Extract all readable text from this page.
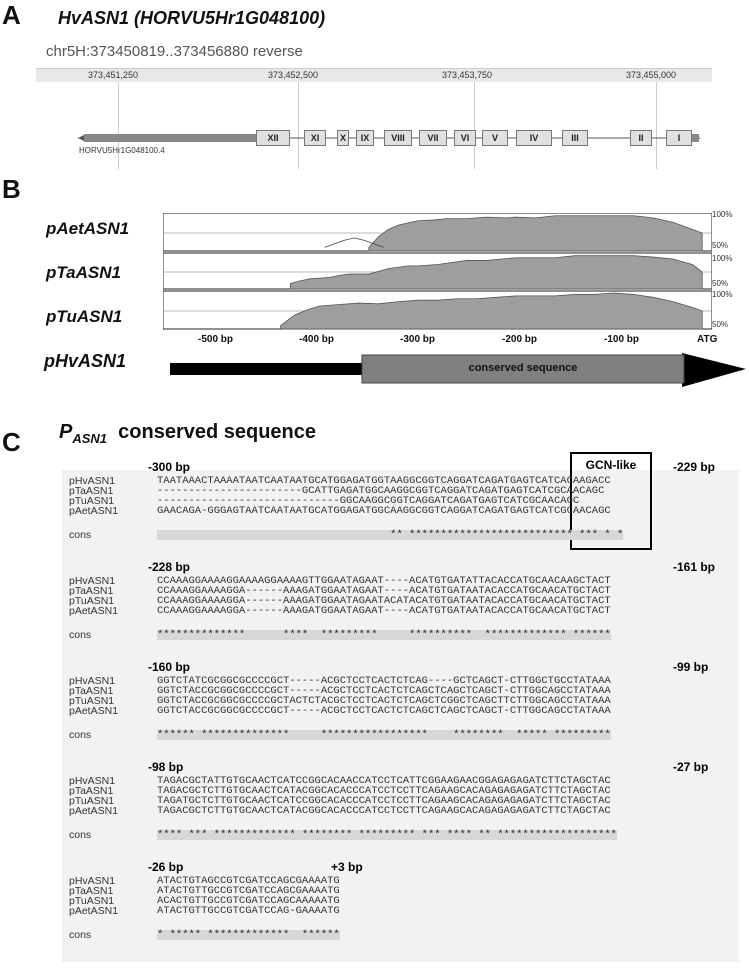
A HvASN1 (HORVU5Hr1G048100)
chr5H:373450819..373456880 reverse
373,451,250	373,452,500	373,453,750	373,455,000
XII	XI	X	IX	VIII	VII	VI	V	IV	III	II	I
HORVU5Hr1G048100.4
B
pAetASN1
pTaASN1
pTuASN1
100%
50%
100%
50%
100%
50%
-500 bp	-400 bp	-300 bp	-200 bp	-100 bp	ATG
pHvASN1	conserved sequence
C $P_{ASN1}$  conserved sequence
GCN-like
-300 bp	-229 bp
pHvASN1	TAATAAACTAAAATAATCAATAATGCATGGAGATGGTAAGGCGGTCAGGATCAGATGAGTCATCACAAGACC
pTaASN1	-----------------------GCATTGAGATGGCAAGGCGGTCAGGATCAGATGAGTCATCGCAACAGC
pTuASN1	-----------------------------GGCAAGGCGGTCAGGATCAGATGAGTCATCGCAACAGC
pAetASN1	GAACAGA-GGGAGTAATCAATAATGCATGGAGATGGCAAGGCGGTCAGGATCAGATGAGTCATCGCAACAGC
cons	** ************************** *** * *
-228 bp	-161 bp
pHvASN1	CCAAAGGAAAAGGAAAAGGAAAAGTTGGAATAGAAT----ACATGTGATATTACACCATGCAACAAGCTACT
pTaASN1	CCAAAGGAAAAGGA------AAAGATGGAATAGAAT----ACATGTGATAATACACCATGCAACATGCTACT
pTuASN1	CCAAAGGAAAAGGA------AAAGATGGAATAGAATACATACATGTGATAATACACCATGCAACATGCTACT
pAetASN1	CCAAAGGAAAAGGA------AAAGATGGAATAGAAT----ACATGTGATAATACACCATGCAACATGCTACT
cons	**************      ****  *********     **********  ************* ******
-160 bp	-99 bp
pHvASN1	GGTCTATCGCGGCGCCCCGCT-----ACGCTCCTCACTCTCAG----GCTCAGCT-CTTGGCTGCCTATAAA
pTaASN1	GGTCTACCGCGGCGCCCCGCT-----ACGCTCCTCACTCTCAGCTCAGCTCAGCT-CTTGGCAGCCTATAAA
pTuASN1	GGTCTACCGCGGCGCCCCGCTACTCTACGCTCCTCACTCTCAGCTCGGCTCAGCTTCTTGGCAGCCTATAAA
pAetASN1	GGTCTACCGCGGCGCCCCGCT-----ACGCTCCTCACTCTCAGCTCAGCTCAGCT-CTTGGCAGCCTATAAA
cons	****** **************     *****************    ********  ***** *********
-98 bp	-27 bp
pHvASN1	TAGACGCTATTGTGCAACTCATCCGGCACAACCATCCTCATTCGGAAGAACGGAGAGAGATCTTCTAGCTAC
pTaASN1	TAGACGCTCTTGTGCAACTCATACGGCACACCCATCCTCCTTCAGAAGCACAGAGAGAGATCTTCTAGCTAC
pTuASN1	TAGATGCTCTTGTGCAACTCATCCGGCACACCCATCCTCCTTCAGAAGCACAGAGAGAGATCTTCTAGCTAC
pAetASN1	TAGACGCTCTTGTGCAACTCATACGGCACACCCATCCTCCTTCAGAAGCACAGAGAGAGATCTTCTAGCTAC
cons	**** *** ************* ******** ********* *** **** ** *******************
-26 bp	+3 bp
pHvASN1	ATACTGTAGCCGTCGATCCAGCGAAAATG
pTaASN1	ATACTGTTGCCGTCGATCCAGCGAAAATG
pTuASN1	ACACTGTTGCCGTCGATCCAGCAAAAATG
pAetASN1	ATACTGTTGCCGTCGATCCAG-GAAAATG
cons	* ***** *************  ******
